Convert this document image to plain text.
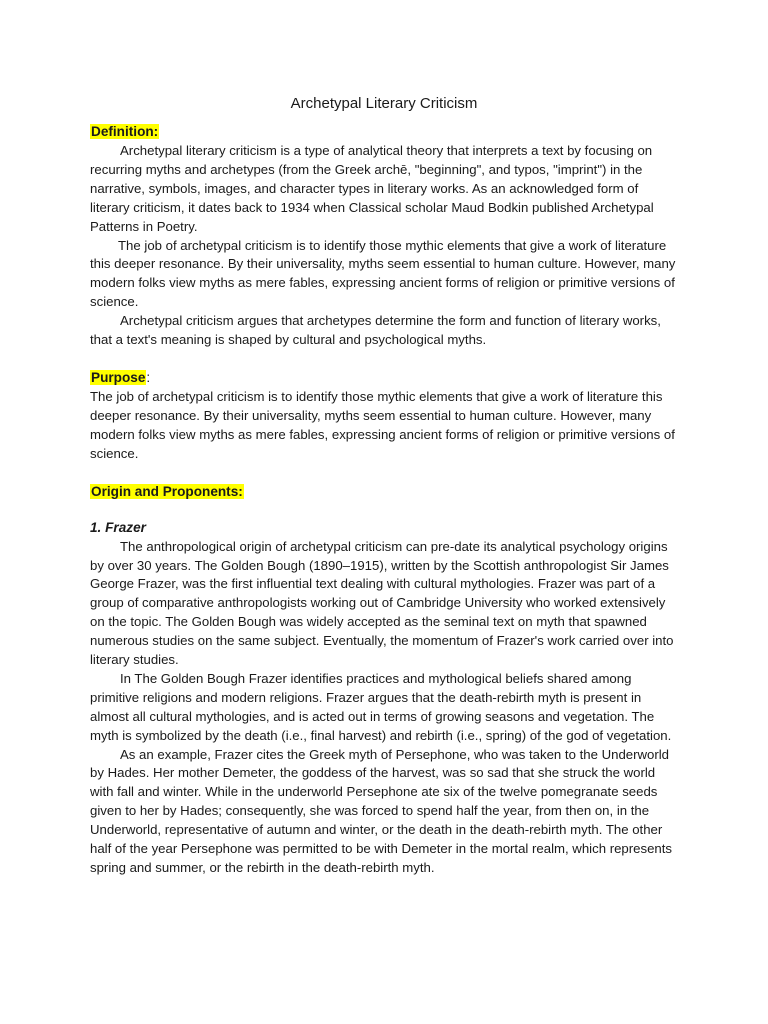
Archetypal Literary Criticism
Definition:

Archetypal literary criticism is a type of analytical theory that interprets a text by focusing on recurring myths and archetypes (from the Greek archē, "beginning", and typos, "imprint") in the narrative, symbols, images, and character types in literary works. As an acknowledged form of literary criticism, it dates back to 1934 when Classical scholar Maud Bodkin published Archetypal Patterns in Poetry.

The job of archetypal criticism is to identify those mythic elements that give a work of literature this deeper resonance. By their universality, myths seem essential to human culture. However, many modern folks view myths as mere fables, expressing ancient forms of religion or primitive versions of science.

Archetypal criticism argues that archetypes determine the form and function of literary works, that a text's meaning is shaped by cultural and psychological myths.

Purpose:

The job of archetypal criticism is to identify those mythic elements that give a work of literature this deeper resonance. By their universality, myths seem essential to human culture. However, many modern folks view myths as mere fables, expressing ancient forms of religion or primitive versions of science.

Origin and Proponents:
1. Frazer

The anthropological origin of archetypal criticism can pre-date its analytical psychology origins by over 30 years. The Golden Bough (1890–1915), written by the Scottish anthropologist Sir James George Frazer, was the first influential text dealing with cultural mythologies. Frazer was part of a group of comparative anthropologists working out of Cambridge University who worked extensively on the topic. The Golden Bough was widely accepted as the seminal text on myth that spawned numerous studies on the same subject. Eventually, the momentum of Frazer's work carried over into literary studies.

In The Golden Bough Frazer identifies practices and mythological beliefs shared among primitive religions and modern religions. Frazer argues that the death-rebirth myth is present in almost all cultural mythologies, and is acted out in terms of growing seasons and vegetation. The myth is symbolized by the death (i.e., final harvest) and rebirth (i.e., spring) of the god of vegetation.

As an example, Frazer cites the Greek myth of Persephone, who was taken to the Underworld by Hades. Her mother Demeter, the goddess of the harvest, was so sad that she struck the world with fall and winter. While in the underworld Persephone ate six of the twelve pomegranate seeds given to her by Hades; consequently, she was forced to spend half the year, from then on, in the Underworld, representative of autumn and winter, or the death in the death-rebirth myth. The other half of the year Persephone was permitted to be with Demeter in the mortal realm, which represents spring and summer, or the rebirth in the death-rebirth myth.
